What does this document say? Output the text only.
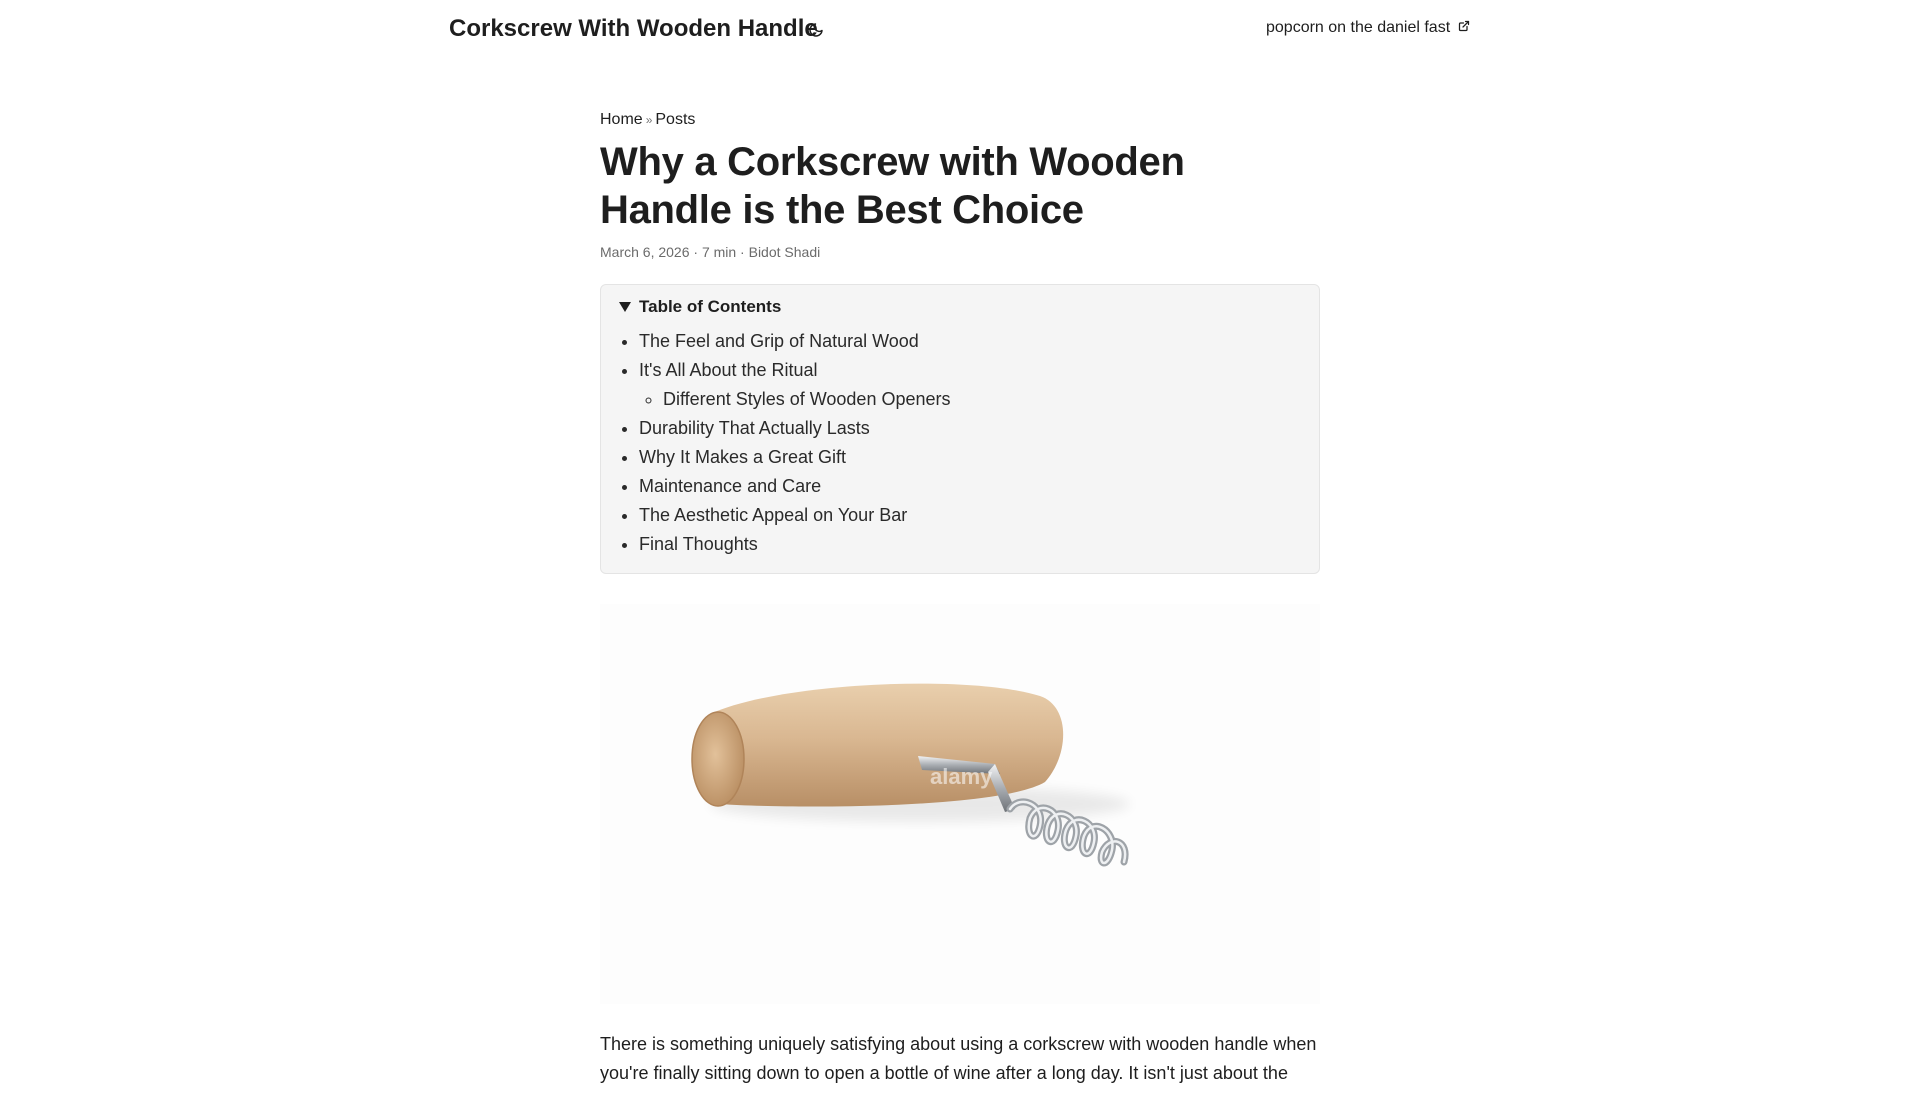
Corkscrew With Wooden Handle	popcorn on the daniel fast
Home » Posts
Why a Corkscrew with Wooden Handle is the Best Choice
March 6, 2026 · 7 min · Bidot Shadi
Table of Contents
• The Feel and Grip of Natural Wood
• It's All About the Ritual
◦ Different Styles of Wooden Openers
• Durability That Actually Lasts
• Why It Makes a Great Gift
• Maintenance and Care
• The Aesthetic Appeal on Your Bar
• Final Thoughts
alamy

There is something uniquely satisfying about using a corkscrew with wooden handle when you're finally sitting down to open a bottle of wine after a long day. It isn't just about the
